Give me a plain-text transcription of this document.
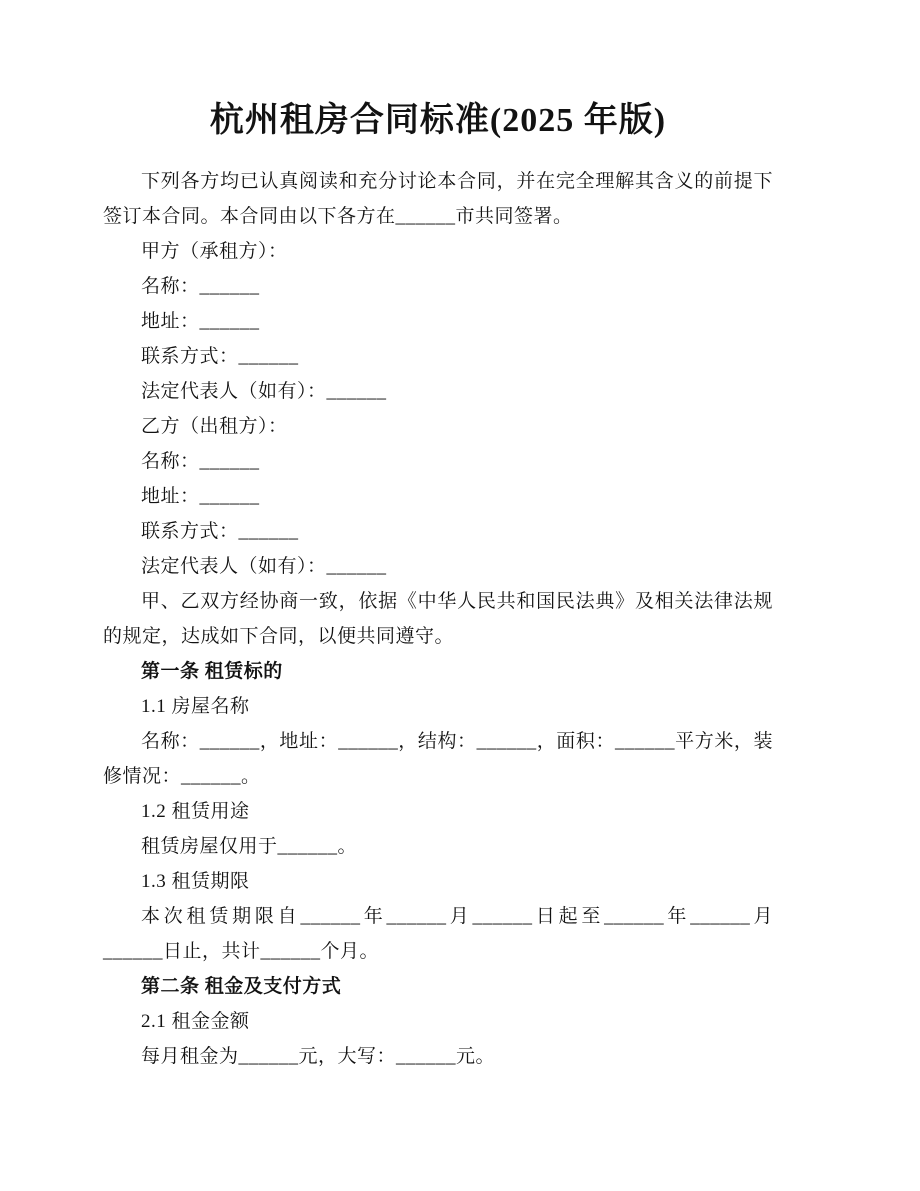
杭州租房合同标准(2025 年版)

下列各方均已认真阅读和充分讨论本合同，并在完全理解其含义的前提下签订本合同。本合同由以下各方在______市共同签署。

甲方（承租方）：

名称：______

地址：______

联系方式：______

法定代表人（如有）：______

乙方（出租方）：

名称：______

地址：______

联系方式：______

法定代表人（如有）：______

甲、乙双方经协商一致，依据《中华人民共和国民法典》及相关法律法规的规定，达成如下合同，以便共同遵守。

第一条 租赁标的

1.1 房屋名称

名称：______，地址：______，结构：______，面积：______平方米，装修情况：______。

1.2 租赁用途

租赁房屋仅用于______。

1.3 租赁期限

本次租赁期限自______年______月______日起至______年______月______日止，共计______个月。

第二条 租金及支付方式

2.1 租金金额

每月租金为______元，大写：______元。
